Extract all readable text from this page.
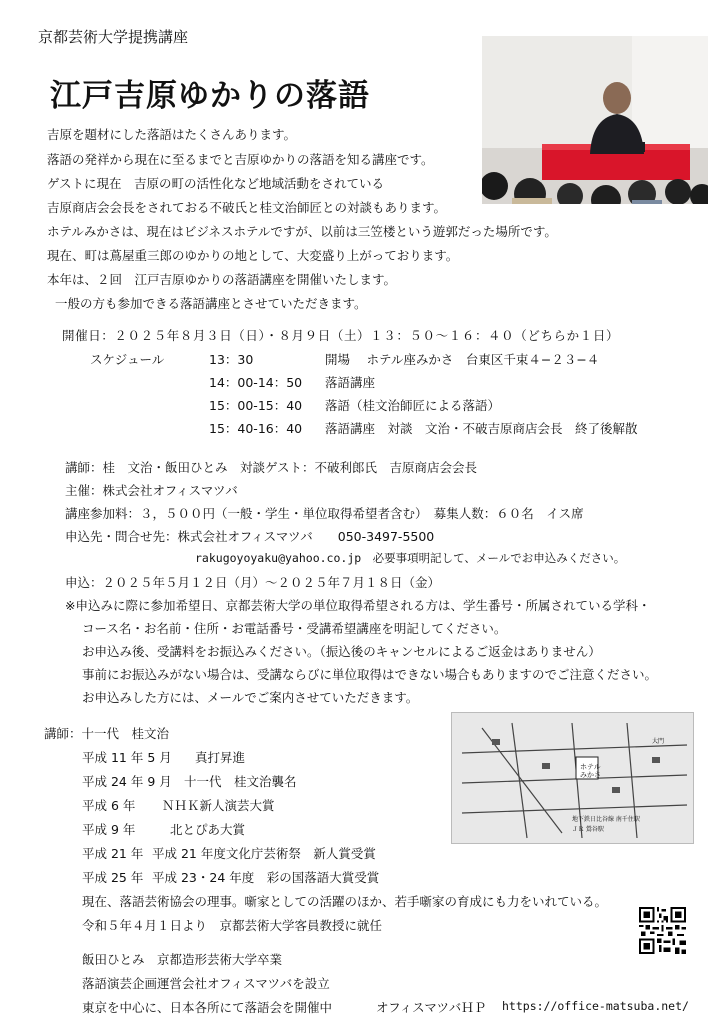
京都芸術大学提携講座
江戸吉原ゆかりの落語
吉原を題材にした落語はたくさんあります。
落語の発祥から現在に至るまでと吉原ゆかりの落語を知る講座です。
ゲストに現在　吉原の町の活性化など地域活動をされている
吉原商店会会長をされておる不破氏と桂文治師匠との対談もあります。
ホテルみかさは、現在はビジネスホテルですが、以前は三笠楼という遊郭だった場所です。
現在、町は蔦屋重三郎のゆかりの地として、大変盛り上がっております。
本年は、２回　江戸吉原ゆかりの落語講座を開催いたします。
一般の方も参加できる落語講座とさせていただきます。
開催日：２０２５年８月３日（日）・８月９日（土）１３：５０〜１６：４０（どちらか１日）
スケジュール	13：30	開場　 ホテル座みかさ　台東区千束４−２３−４
14：00-14：50 落語講座
15：00-15：40 落語（桂文治師匠による落語）
15：40-16：40 落語講座　対談　文治・不破吉原商店会長　終了後解散
講師：桂　文治・飯田ひとみ　対談ゲスト：不破利郎氏　吉原商店会会長
主催：株式会社オフィスマツバ
講座参加料：３，５００円（一般・学生・単位取得希望者含む）　募集人数：６０名　イス席
申込先・問合せ先：株式会社オフィスマツバ　　050-3497-5500
rakugoyoyaku@yahoo.co.jp　必要事項明記して、メールでお申込みください。
申込：２０２５年５月１２日（月）〜２０２５年７月１８日（金）
※申込みに際に参加希望日、京都芸術大学の単位取得希望される方は、学生番号・所属されている学科・
コース名・お名前・住所・お電話番号・受講希望講座を明記してください。
お申込み後、受講料をお振込みください。（振込後のキャンセルによるご返金はありません）
事前にお振込みがない場合は、受講ならびに単位取得はできない場合もありますのでご注意ください。
お申込みした方には、メールでご案内させていただきます。
講師：十一代　桂文治
平成 11 年 5 月 真打昇進
平成 24 年 9 月 十一代　桂文治襲名
平成 6 年 ＮＨＫ新人演芸大賞
平成 9 年	北とぴあ大賞
平成 21 年 平成 21 年度文化庁芸術祭　新人賞受賞
平成 25 年 平成 23・24 年度　彩の国落語大賞受賞
現在、落語芸術協会の理事。噺家としての活躍のほか、若手噺家の育成にも力をいれている。
令和５年４月１日より　京都芸術大学客員教授に就任
飯田ひとみ　京都造形芸術大学卒業
落語演芸企画運営会社オフィスマツバを設立
東京を中心に、日本各所にて落語会を開催中	オフィスマツバＨＰ https://office-matsuba.net/
ホテル
みかさ
地下鉄日比谷線 南千住駅
ＪＲ 鶯谷駅
大門
